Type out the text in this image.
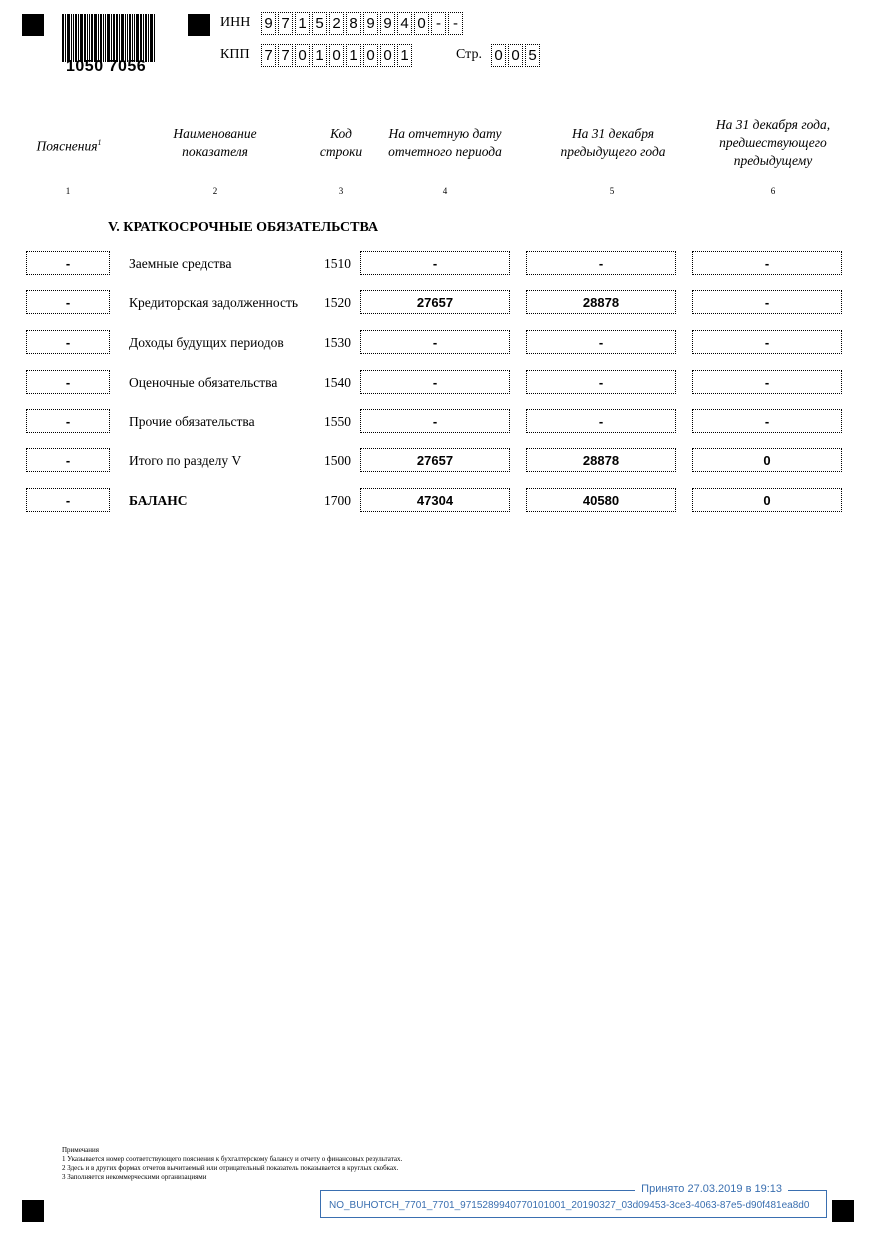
1050 7056
ИНН 9 7 1 5 2 8 9 9 4 0 - -
КПП 7 7 0 1 0 1 0 0 1	Стр. 0 0 5
Пояснения$^1$
Наименование показателя
Код строки
На отчетную дату отчетного периода
На 31 декабря предыдущего года
На 31 декабря года, предшествующего предыдущему
1	2	3	4	5	6
V. КРАТКОСРОЧНЫЕ ОБЯЗАТЕЛЬСТВА
-	Заемные средства	1510	-	-	-
-	Кредиторская задолженность 1520	27657	28878	-
-	Доходы будущих периодов	1530	-	-	-
-	Оценочные обязательства	1540	-	-	-
-	Прочие обязательства	1550	-	-	-
-	Итого по разделу V	1500	27657	28878	0
-	БАЛАНС	1700	47304	40580	0
Примечания
1 Указывается номер соответствующего пояснения к бухгалтерскому балансу и отчету о финансовых результатах.
2 Здесь и в других формах отчетов вычитаемый или отрицательный показатель показывается в круглых скобках.
3 Заполняется некоммерческими организациями
Принято 27.03.2019 в 19:13
NO_BUHOTCH_7701_7701_9715289940770101001_20190327_03d09453-3ce3-4063-87e5-d90f481ea8d0
